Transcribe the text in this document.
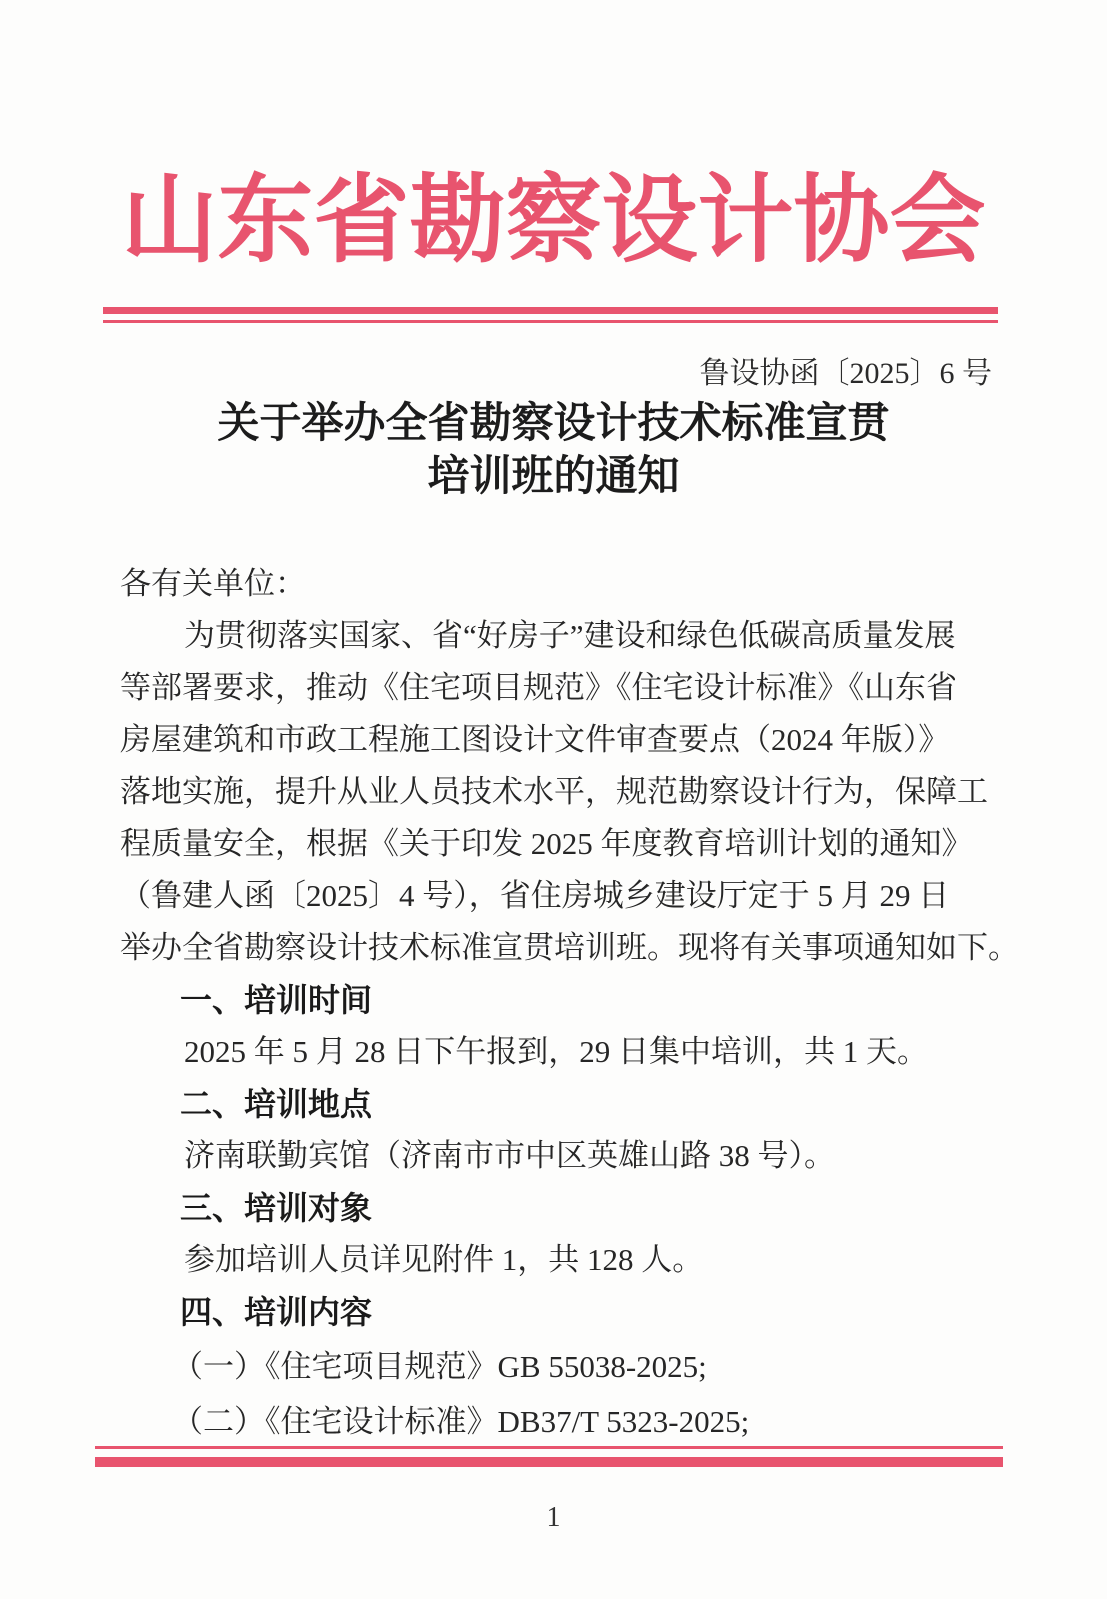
山东省勘察设计协会
鲁设协函〔2025〕6 号
关于举办全省勘察设计技术标准宣贯
培训班的通知
各有关单位：
为贯彻落实国家、省“好房子”建设和绿色低碳高质量发展
等部署要求，推动《住宅项目规范》《住宅设计标准》《山东省
房屋建筑和市政工程施工图设计文件审查要点（2024 年版）》
落地实施，提升从业人员技术水平，规范勘察设计行为，保障工
程质量安全，根据《关于印发 2025 年度教育培训计划的通知》
（鲁建人函〔2025〕4 号），省住房城乡建设厅定于 5 月 29 日
举办全省勘察设计技术标准宣贯培训班。现将有关事项通知如下。
一、培训时间
2025 年 5 月 28 日下午报到，29 日集中培训，共 1 天。
二、培训地点
济南联勤宾馆（济南市市中区英雄山路 38 号）。
三、培训对象
参加培训人员详见附件 1，共 128 人。
四、培训内容
（一）《住宅项目规范》GB 55038-2025;
（二）《住宅设计标准》DB37/T 5323-2025;
1
